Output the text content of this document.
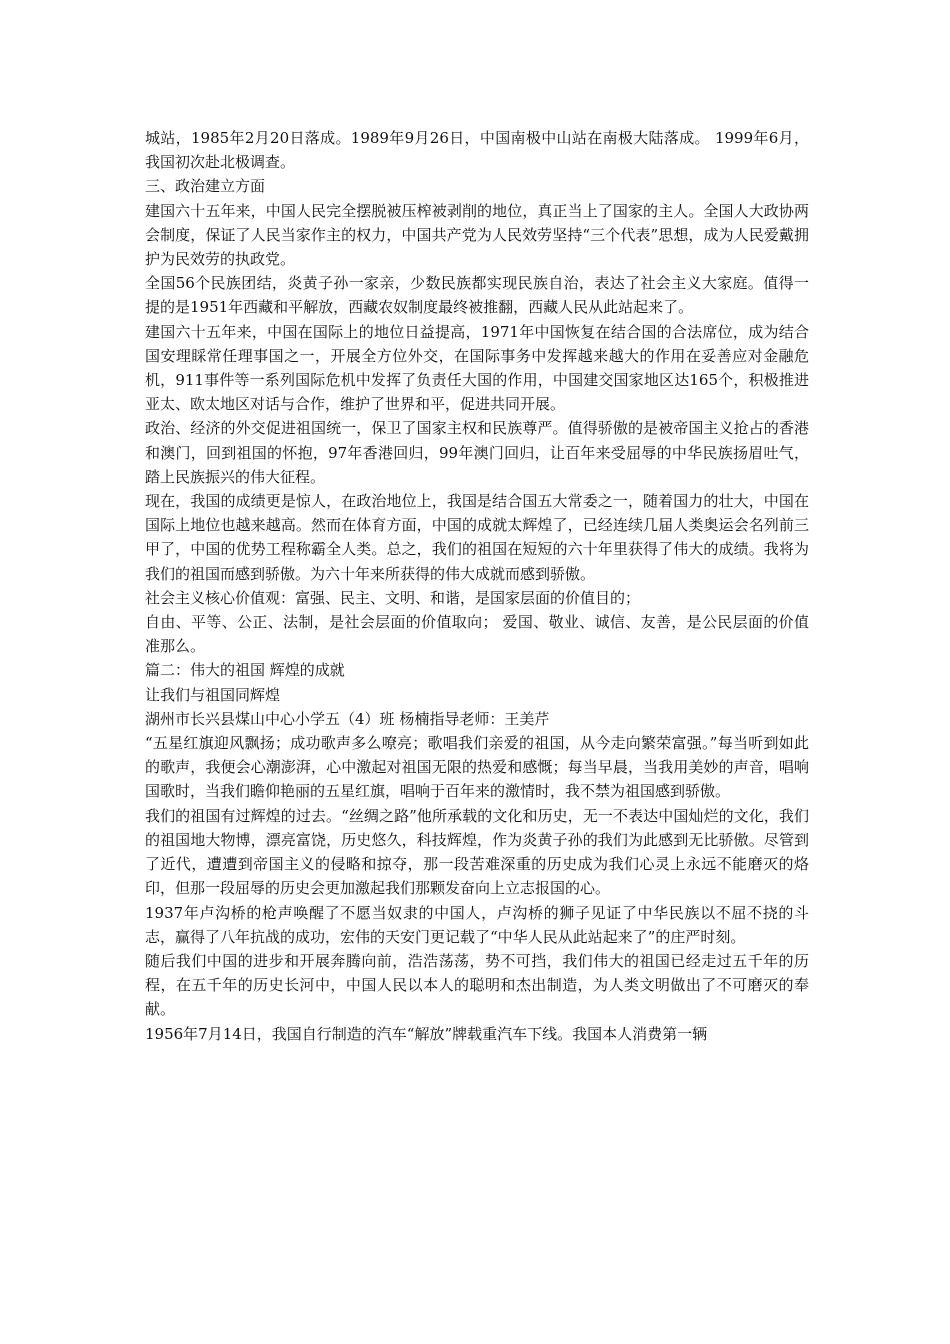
城站，1985年2月20日落成。1989年9月26日，中国南极中山站在南极大陆落成。 1999年6月，我国初次赴北极调查。

三、政治建立方面

建国六十五年来，中国人民完全摆脱被压榨被剥削的地位，真正当上了国家的主人。全国人大政协两会制度，保证了人民当家作主的权力，中国共产党为人民效劳坚持“三个代表”思想，成为人民爱戴拥护为民效劳的执政党。

全国56个民族团结，炎黄子孙一家亲，少数民族都实现民族自治，表达了社会主义大家庭。值得一提的是1951年西藏和平解放，西藏农奴制度最终被推翻，西藏人民从此站起来了。

建国六十五年来，中国在国际上的地位日益提高，1971年中国恢复在结合国的合法席位，成为结合国安理睬常任理事国之一，开展全方位外交，在国际事务中发挥越来越大的作用在妥善应对金融危机，911事件等一系列国际危机中发挥了负责任大国的作用，中国建交国家地区达165个，积极推进亚太、欧太地区对话与合作，维护了世界和平，促进共同开展。

政治、经济的外交促进祖国统一，保卫了国家主权和民族尊严。值得骄傲的是被帝国主义抢占的香港和澳门，回到祖国的怀抱，97年香港回归，99年澳门回归，让百年来受屈辱的中华民族扬眉吐气，踏上民族振兴的伟大征程。

现在，我国的成绩更是惊人，在政治地位上，我国是结合国五大常委之一，随着国力的壮大，中国在国际上地位也越来越高。然而在体育方面，中国的成就太辉煌了，已经连续几届人类奥运会名列前三甲了，中国的优势工程称霸全人类。总之，我们的祖国在短短的六十年里获得了伟大的成绩。我将为我们的祖国而感到骄傲。为六十年来所获得的伟大成就而感到骄傲。

社会主义核心价值观：富强、民主、文明、和谐，是国家层面的价值目的；

自由、平等、公正、法制，是社会层面的价值取向； 爱国、敬业、诚信、友善，是公民层面的价值准那么。

篇二：伟大的祖国 辉煌的成就

让我们与祖国同辉煌

湖州市长兴县煤山中心小学五（4）班 杨楠指导老师：王美芹

“五星红旗迎风飘扬；成功歌声多么嘹亮；歌唱我们亲爱的祖国，从今走向繁荣富强。”每当听到如此的歌声，我便会心潮澎湃，心中激起对祖国无限的热爱和感慨；每当早晨，当我用美妙的声音，唱响国歌时，当我们瞻仰艳丽的五星红旗，唱响于百年来的激情时，我不禁为祖国感到骄傲。

我们的祖国有过辉煌的过去。“丝绸之路”他所承载的文化和历史，无一不表达中国灿烂的文化，我们的祖国地大物博，漂亮富饶，历史悠久，科技辉煌，作为炎黄子孙的我们为此感到无比骄傲。尽管到了近代，遭遭到帝国主义的侵略和掠夺，那一段苦难深重的历史成为我们心灵上永远不能磨灭的烙印，但那一段屈辱的历史会更加激起我们那颗发奋向上立志报国的心。

1937年卢沟桥的枪声唤醒了不愿当奴隶的中国人，卢沟桥的狮子见证了中华民族以不屈不挠的斗志，赢得了八年抗战的成功，宏伟的天安门更记载了“中华人民从此站起来了”的庄严时刻。

随后我们中国的进步和开展奔腾向前，浩浩荡荡，势不可挡，我们伟大的祖国已经走过五千年的历程，在五千年的历史长河中，中国人民以本人的聪明和杰出制造，为人类文明做出了不可磨灭的奉献。

1956年7月14日，我国自行制造的汽车“解放”牌载重汽车下线。我国本人消费第一辆
